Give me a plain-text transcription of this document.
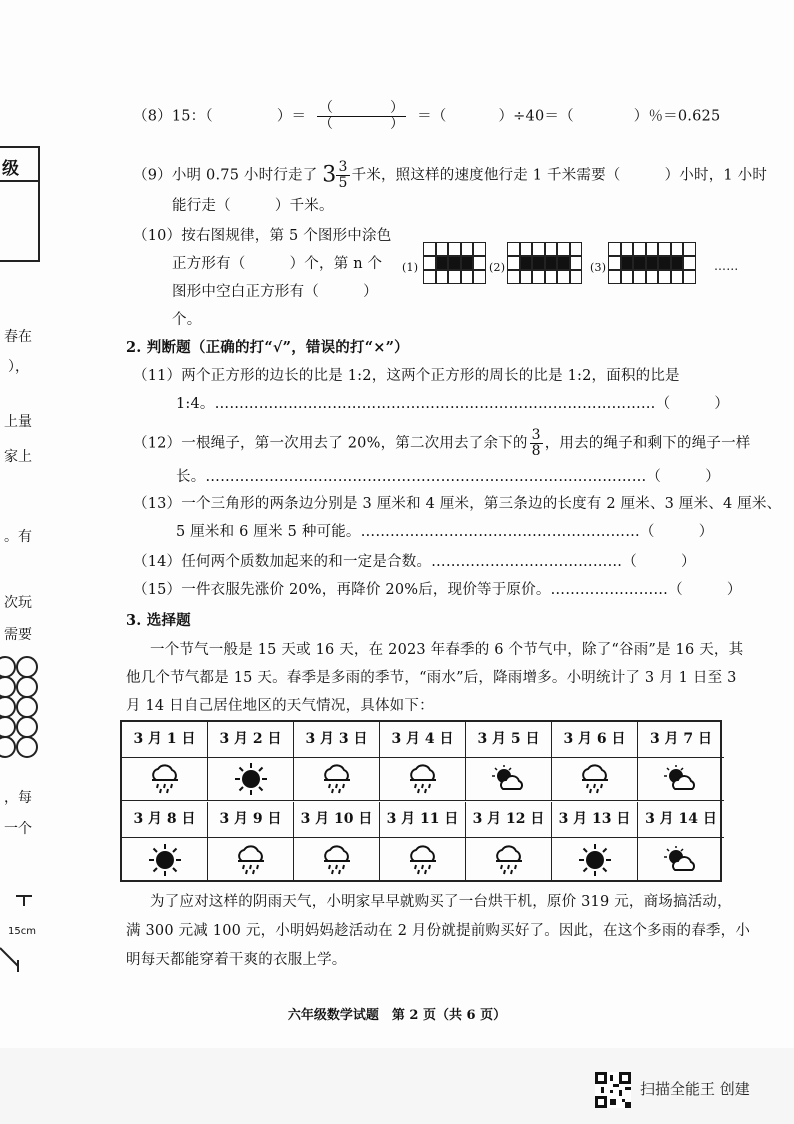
级
春在
），
上量
家上
。有
次玩
需要
，每
一个
15cm
（8）15：（	）＝ $\frac{( )}{( )}$ ＝（	）÷40＝（	）％＝0.625
（9）小明 0.75 小时行走了 $3 \frac{3}{5}$ 千米，照这样的速度他行走 1 千米需要（　　　）小时，1 小时
能行走（　　　）千米。
（10）按右图规律，第 5 个图形中涂色
正方形有（　　　）个，第 n 个
图形中空白正方形有（　　　）
个。
(1)	(2)	(3)	……
2. 判断题（正确的打“√”，错误的打“×”）
（11）两个正方形的边长的比是 1:2，这两个正方形的周长的比是 1:2，面积的比是
1:4。………………………………………………………………………………（　　　）
（12）一根绳子，第一次用去了 20%，第二次用去了余下的 $\frac{3}{8}$ ，用去的绳子和剩下的绳子一样
长。………………………………………………………………………………（　　　）
（13）一个三角形的两条边分别是 3 厘米和 4 厘米，第三条边的长度有 2 厘米、3 厘米、4 厘米、
5 厘米和 6 厘米 5 种可能。…………………………………………………（　　　）
（14）任何两个质数加起来的和一定是合数。…………………………………（　　　）
（15）一件衣服先涨价 20%，再降价 20%后，现价等于原价。……………………（　　　）
3. 选择题
一个节气一般是 15 天或 16 天，在 2023 年春季的 6 个节气中，除了“谷雨”是 16 天，其
他几个节气都是 15 天。春季是多雨的季节，“雨水”后，降雨增多。小明统计了 3 月 1 日至 3
月 14 日自己居住地区的天气情况，具体如下：
3 月 1 日	3 月 2 日	3 月 3 日	3 月 4 日	3 月 5 日	3 月 6 日	3 月 7 日
3 月 8 日	3 月 9 日	3 月 10 日	3 月 11 日	3 月 12 日	3 月 13 日	3 月 14 日
为了应对这样的阴雨天气，小明家早早就购买了一台烘干机，原价 319 元，商场搞活动，
满 300 元减 100 元，小明妈妈趁活动在 2 月份就提前购买好了。因此，在这个多雨的春季，小
明每天都能穿着干爽的衣服上学。
六年级数学试题　第 2 页（共 6 页）
扫描全能王 创建
